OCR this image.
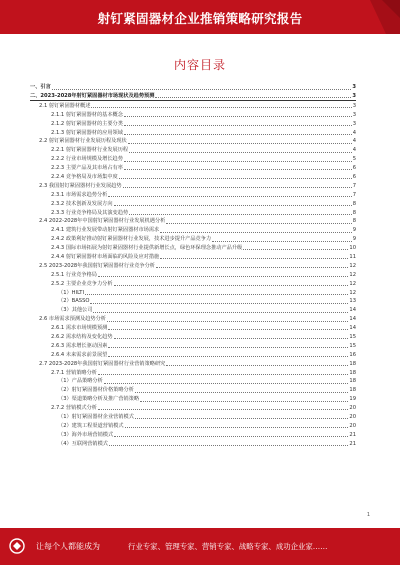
射钉紧固器材企业推销策略研究报告
内容目录
一、引言	3
二、2023-2028年射钉紧固器材市场现状及趋势预测	3
2.1 射钉紧固器材概述	3
2.1.1 射钉紧固器材的基本概念	3
2.1.2 射钉紧固器材的主要分类	3
2.1.3 射钉紧固器材的应用领域	4
2.2 射钉紧固器材行业发展历程及现状	4
2.2.1 射钉紧固器材行业发展历程	4
2.2.2 行业市场规模及增长趋势	5
2.2.3 主要产品及其市场占有率	6
2.2.4 竞争格局及市场集中度	6
2.3 我国射钉紧固器材行业发展趋势	7
2.3.1 市场需求趋势分析	7
2.3.2 技术创新及发展方向	8
2.3.3 行业竞争格局及其演变趋势	8
2.4 2022-2028年中国射钉紧固器材行业发展机遇分析	8
2.4.1 建筑行业发展带动射钉紧固器材市场需求	9
2.4.2 政策利好推动射钉紧固器材行业发展，技术进步提升产品竞争力	9
2.4.3 国际市场拓展为射钉紧固器材行业提供新增长点，绿色环保理念推动产品升级	10
2.4.4 射钉紧固器材市场面临的风险及应对措施	11
2.5 2023-2028年我国射钉紧固器材行业竞争分析	12
2.5.1 行业竞争格局	12
2.5.2 主要企业竞争力分析	12
（1）HILTI	12
（2）BASSO	13
（3）其他公司	14
2.6 市场需求预测及趋势分析	14
2.6.1 需求市场规模预测	14
2.6.2 需求结构及变化趋势	15
2.6.3 需求增长驱动因素	15
2.6.4 未来需求前景展望	16
2.7 2023-2028年我国射钉紧固器材行业营销策略研究	18
2.7.1 营销策略分析	18
（1）产品策略分析	18
（2）射钉紧固器材价格策略分析	18
（3）渠道策略分析及推广营销策略	19
2.7.2 营销模式分析	20
（1）射钉紧固器材企业营销模式	20
（2）建筑工程渠道营销模式	20
（3）海外市场营销模式	21
（4）互联网营销模式	21
1
让每个人都能成为	行业专家、管理专家、营销专家、战略专家、成功企业家……
